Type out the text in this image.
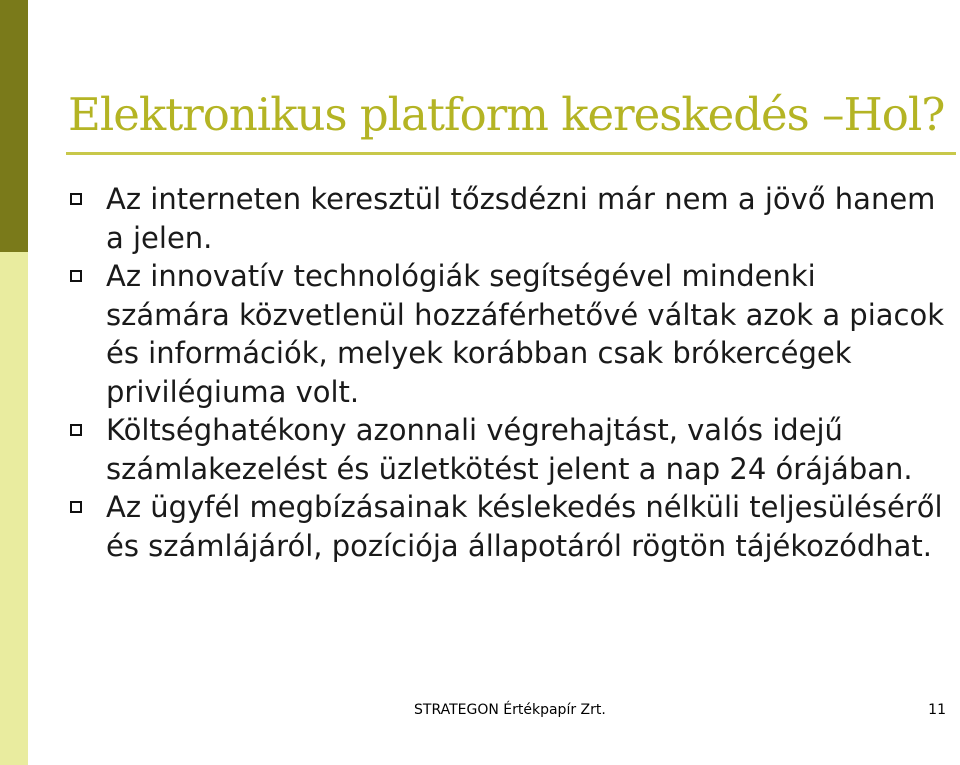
Elektronikus platform kereskedés –Hol?
Az interneten keresztül tőzsdézni már nem a jövő hanem a jelen.
Az innovatív technológiák segítségével mindenki számára közvetlenül hozzáférhetővé váltak azok a piacok és információk, melyek korábban csak brókercégek privilégiuma volt.
Költséghatékony azonnali végrehajtást, valós idejű számlakezelést és üzletkötést jelent a nap 24 órájában.
Az ügyfél megbízásainak késlekedés nélküli teljesüléséről és számlájáról, pozíciója állapotáról rögtön tájékozódhat.
STRATEGON Értékpapír Zrt.	11
